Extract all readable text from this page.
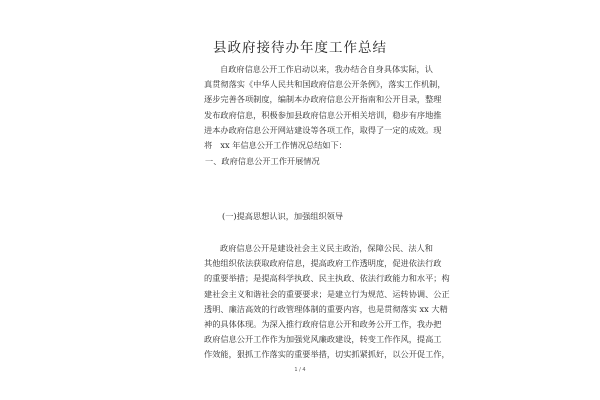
县政府接待办年度工作总结
自政府信息公开工作启动以来，我办结合自身具体实际，认
真贯彻落实《中华人民共和国政府信息公开条例》，落实工作机制，
逐步完善各项制度，编制本办政府信息公开指南和公开目录，整理
发布政府信息，积极参加县政府信息公开相关培训，稳步有序地推
进本办政府信息公开网站建设等各项工作，取得了一定的成效。现
将　xx 年信息公开工作情况总结如下：
一、政府信息公开工作开展情况
(一)提高思想认识，加强组织领导
政府信息公开是建设社会主义民主政治，保障公民、法人和
其他组织依法获取政府信息，提高政府工作透明度，促进依法行政
的重要举措；是提高科学执政、民主执政、依法行政能力和水平；构
建社会主义和谐社会的重要要求；是建立行为规范、运转协调、公正
透明、廉洁高效的行政管理体制的重要内容，也是贯彻落实 xx 大精
神的具体体现。为深入推行政府信息公开和政务公开工作，我办把
政府信息公开工作作为加强党风廉政建设，转变工作作风，提高工
作效能，狠抓工作落实的重要举措，切实抓紧抓好，以公开促工作，
1 / 4
